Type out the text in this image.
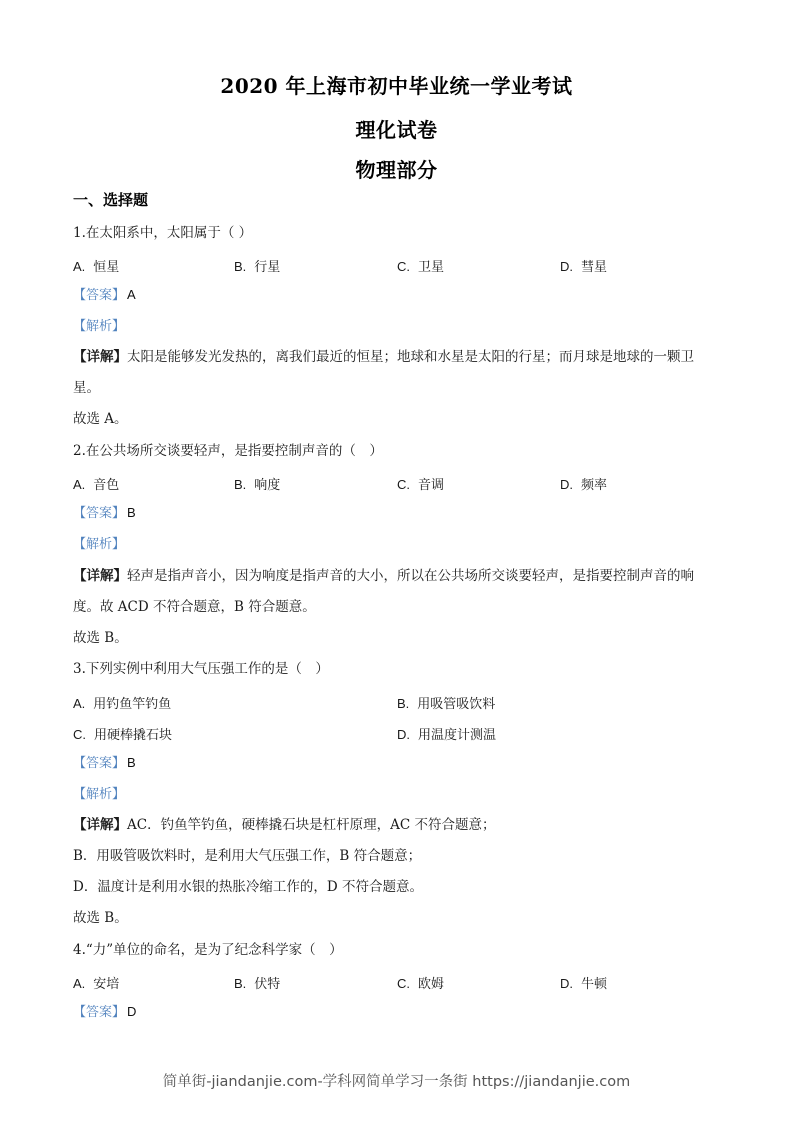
2020 年上海市初中毕业统一学业考试
理化试卷
物理部分
一、选择题
1.在太阳系中，太阳属于（ ）
A. 恒星	B. 行星	C. 卫星	D. 彗星
【答案】 A
【解析】
【详解】太阳是能够发光发热的，离我们最近的恒星；地球和水星是太阳的行星；而月球是地球的一颗卫
星。
故选 A。
2.在公共场所交谈要轻声，是指要控制声音的（　）
A. 音色	B. 响度	C. 音调	D. 频率
【答案】 B
【解析】
【详解】轻声是指声音小，因为响度是指声音的大小，所以在公共场所交谈要轻声，是指要控制声音的响
度。故 ACD 不符合题意，B 符合题意。
故选 B。
3.下列实例中利用大气压强工作的是（　）
A. 用钓鱼竿钓鱼	B. 用吸管吸饮料
C. 用硬棒撬石块	D. 用温度计测温
【答案】 B
【解析】
【详解】AC．钓鱼竿钓鱼，硬棒撬石块是杠杆原理，AC 不符合题意；
B．用吸管吸饮料时，是利用大气压强工作，B 符合题意；
D．温度计是利用水银的热胀冷缩工作的，D 不符合题意。
故选 B。
4.“力”单位的命名，是为了纪念科学家（　）
A. 安培	B. 伏特	C. 欧姆	D. 牛顿
【答案】 D
简单街-jiandanjie.com-学科网简单学习一条街 https://jiandanjie.com
